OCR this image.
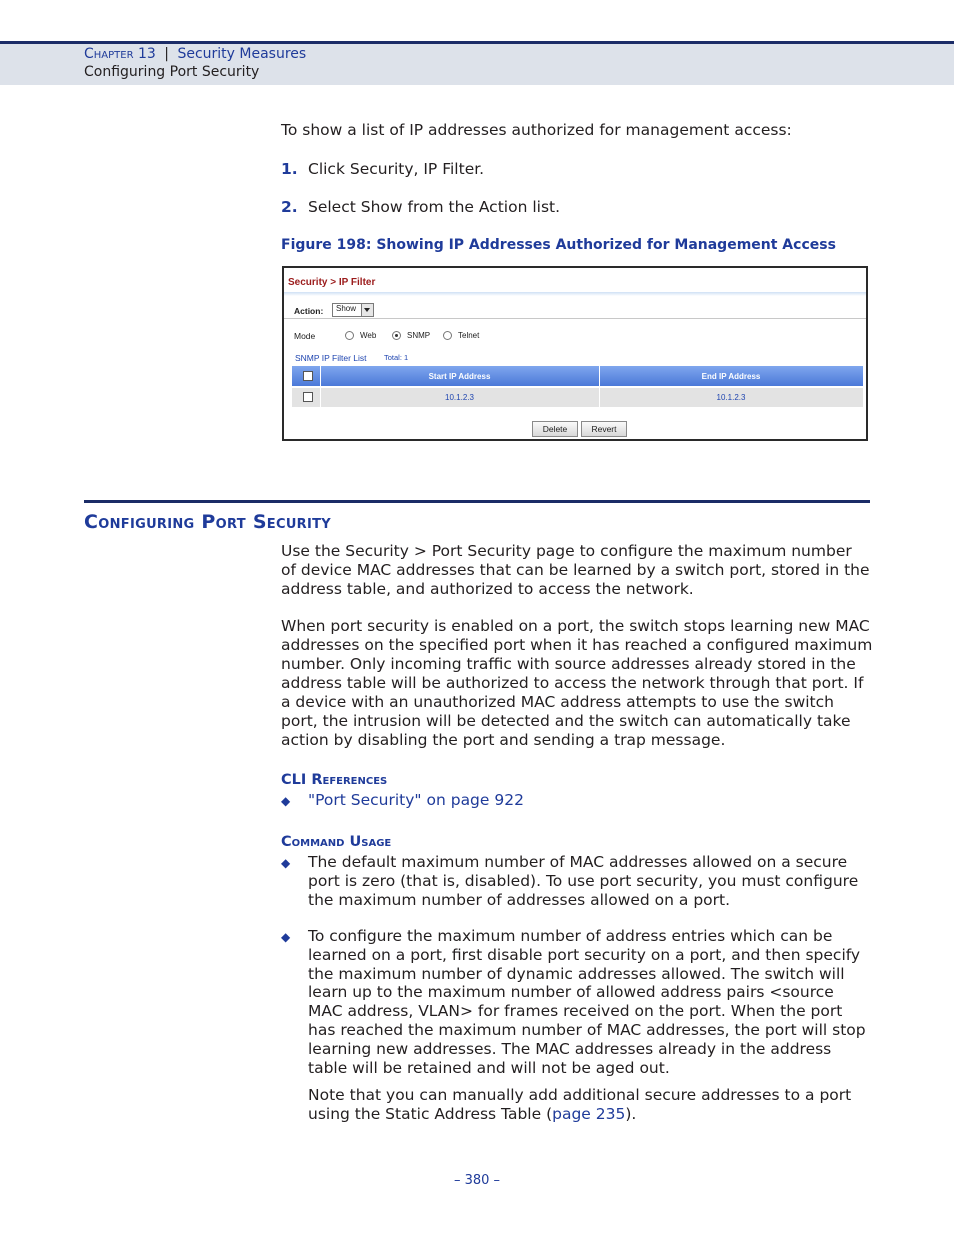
Chapter 13 | Security Measures
Configuring Port Security
To show a list of IP addresses authorized for management access:
1. Click Security, IP Filter.
2. Select Show from the Action list.
Figure 198: Showing IP Addresses Authorized for Management Access
Security > IP Filter
Action: Show
Mode	Web	SNMP	Telnet
SNMP IP Filter List Total: 1
Start IP Address	End IP Address
10.1.2.3	10.1.2.3
Delete	Revert
Configuring Port Security
Use the Security > Port Security page to configure the maximum number of device MAC addresses that can be learned by a switch port, stored in the address table, and authorized to access the network.
When port security is enabled on a port, the switch stops learning new MAC addresses on the specified port when it has reached a configured maximum number. Only incoming traffic with source addresses already stored in the address table will be authorized to access the network through that port. If a device with an unauthorized MAC address attempts to use the switch port, the intrusion will be detected and the switch can automatically take action by disabling the port and sending a trap message.
CLI References
◆ "Port Security" on page 922
Command Usage
◆ The default maximum number of MAC addresses allowed on a secure port is zero (that is, disabled). To use port security, you must configure the maximum number of addresses allowed on a port.
◆ To configure the maximum number of address entries which can be learned on a port, first disable port security on a port, and then specify the maximum number of dynamic addresses allowed. The switch will learn up to the maximum number of allowed address pairs <source MAC address, VLAN> for frames received on the port. When the port has reached the maximum number of MAC addresses, the port will stop learning new addresses. The MAC addresses already in the address table will be retained and will not be aged out.
Note that you can manually add additional secure addresses to a port using the Static Address Table (page 235).
– 380 –
